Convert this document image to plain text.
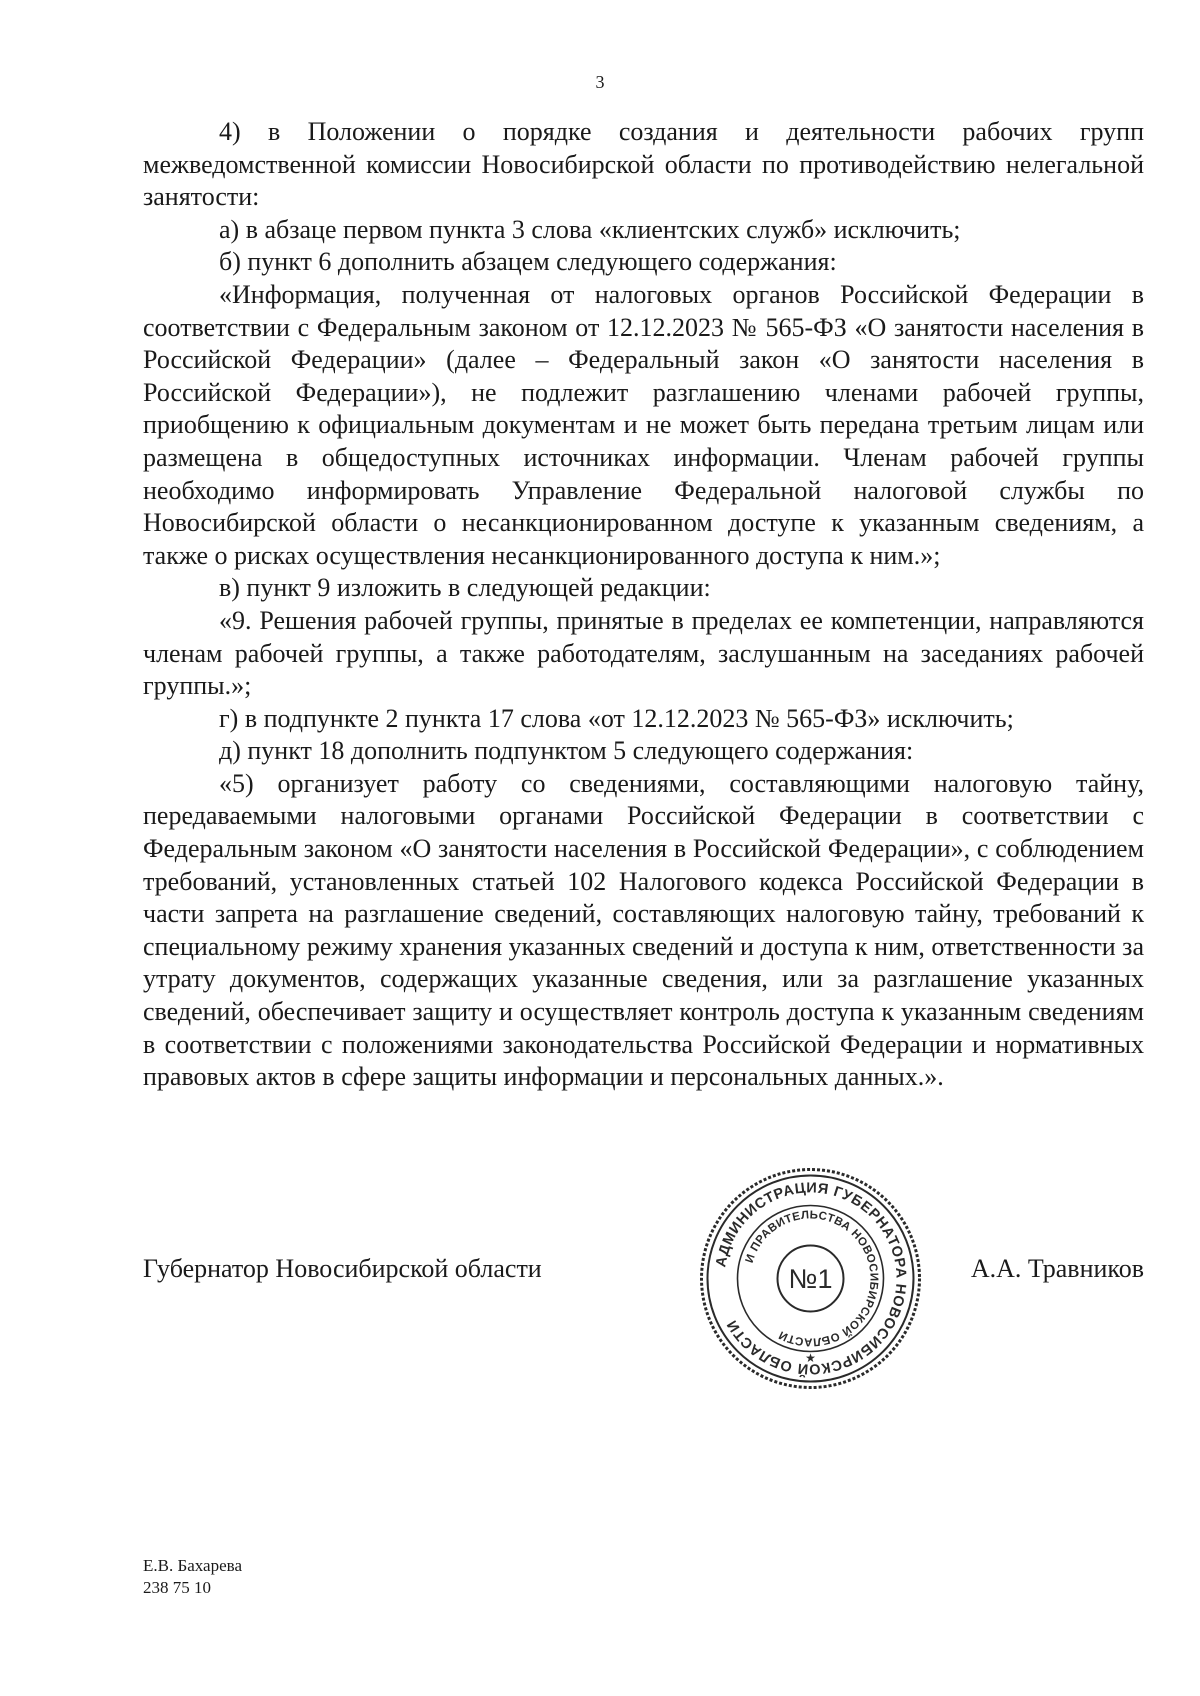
3

4) в Положении о порядке создания и деятельности рабочих групп межведомственной комиссии Новосибирской области по противодействию нелегальной занятости:

а) в абзаце первом пункта 3 слова «клиентских служб» исключить;

б) пункт 6 дополнить абзацем следующего содержания:

«Информация, полученная от налоговых органов Российской Федерации в соответствии с Федеральным законом от 12.12.2023 № 565-ФЗ «О занятости населения в Российской Федерации» (далее – Федеральный закон «О занятости населения в Российской Федерации»), не подлежит разглашению членами рабочей группы, приобщению к официальным документам и не может быть передана третьим лицам или размещена в общедоступных источниках информации. Членам рабочей группы необходимо информировать Управление Федеральной налоговой службы по Новосибирской области о несанкционированном доступе к указанным сведениям, а также о рисках осуществления несанкционированного доступа к ним.»;

в) пункт 9 изложить в следующей редакции:

«9. Решения рабочей группы, принятые в пределах ее компетенции, направляются членам рабочей группы, а также работодателям, заслушанным на заседаниях рабочей группы.»;

г) в подпункте 2 пункта 17 слова «от 12.12.2023 № 565-ФЗ» исключить;

д) пункт 18 дополнить подпунктом 5 следующего содержания:

«5) организует работу со сведениями, составляющими налоговую тайну, передаваемыми налоговыми органами Российской Федерации в соответствии с Федеральным законом «О занятости населения в Российской Федерации», с соблюдением требований, установленных статьей 102 Налогового кодекса Российской Федерации в части запрета на разглашение сведений, составляющих налоговую тайну, требований к специальному режиму хранения указанных сведений и доступа к ним, ответственности за утрату документов, содержащих указанные сведения, или за разглашение указанных сведений, обеспечивает защиту и осуществляет контроль доступа к указанным сведениям в соответствии с положениями законодательства Российской Федерации и нормативных правовых актов в сфере защиты информации и персональных данных.».

Губернатор Новосибирской области	А.А. Травников
АДМИНИСТРАЦИЯ ГУБЕРНАТОРА НОВОСИБИРСКОЙ ОБЛАСТИ
И ПРАВИТЕЛЬСТВА НОВОСИБИРСКОЙ ОБЛАСТИ
№1
★
Е.В. Бахарева
238 75 10
